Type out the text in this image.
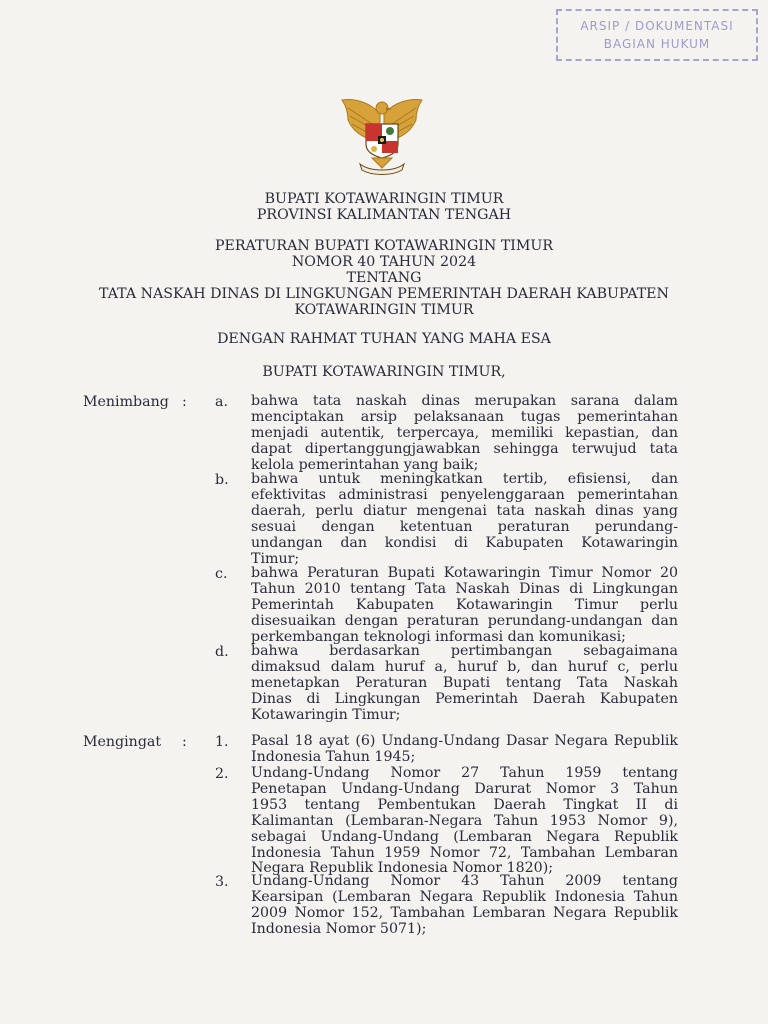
ARSIP / DOKUMENTASI
BAGIAN HUKUM
BUPATI KOTAWARINGIN TIMUR
PROVINSI KALIMANTAN TENGAH
PERATURAN BUPATI KOTAWARINGIN TIMUR
NOMOR 40 TAHUN 2024
TENTANG
TATA NASKAH DINAS DI LINGKUNGAN PEMERINTAH DAERAH KABUPATEN
KOTAWARINGIN TIMUR
DENGAN RAHMAT TUHAN YANG MAHA ESA
BUPATI KOTAWARINGIN TIMUR,
Menimbang : a.	bahwa tata naskah dinas merupakan sarana dalam
menciptakan arsip pelaksanaan tugas pemerintahan
menjadi autentik, terpercaya, memiliki kepastian, dan
dapat dipertanggungjawabkan sehingga terwujud tata
kelola pemerintahan yang baik;
b.	bahwa untuk meningkatkan tertib, efisiensi, dan
efektivitas administrasi penyelenggaraan pemerintahan
daerah, perlu diatur mengenai tata naskah dinas yang
sesuai dengan ketentuan peraturan perundang-
undangan dan kondisi di Kabupaten Kotawaringin
Timur;
c.	bahwa Peraturan Bupati Kotawaringin Timur Nomor 20
Tahun 2010 tentang Tata Naskah Dinas di Lingkungan
Pemerintah Kabupaten Kotawaringin Timur perlu
disesuaikan dengan peraturan perundang-undangan dan
perkembangan teknologi informasi dan komunikasi;
d.	bahwa berdasarkan pertimbangan sebagaimana
dimaksud dalam huruf a, huruf b, dan huruf c, perlu
menetapkan Peraturan Bupati tentang Tata Naskah
Dinas di Lingkungan Pemerintah Daerah Kabupaten
Kotawaringin Timur;
Mengingat : 1.	Pasal 18 ayat (6) Undang-Undang Dasar Negara Republik
Indonesia Tahun 1945;
2.	Undang-Undang Nomor 27 Tahun 1959 tentang
Penetapan Undang-Undang Darurat Nomor 3 Tahun
1953 tentang Pembentukan Daerah Tingkat II di
Kalimantan (Lembaran-Negara Tahun 1953 Nomor 9),
sebagai Undang-Undang (Lembaran Negara Republik
Indonesia Tahun 1959 Nomor 72, Tambahan Lembaran
Negara Republik Indonesia Nomor 1820);
3.	Undang-Undang Nomor 43 Tahun 2009 tentang
Kearsipan (Lembaran Negara Republik Indonesia Tahun
2009 Nomor 152, Tambahan Lembaran Negara Republik
Indonesia Nomor 5071);
